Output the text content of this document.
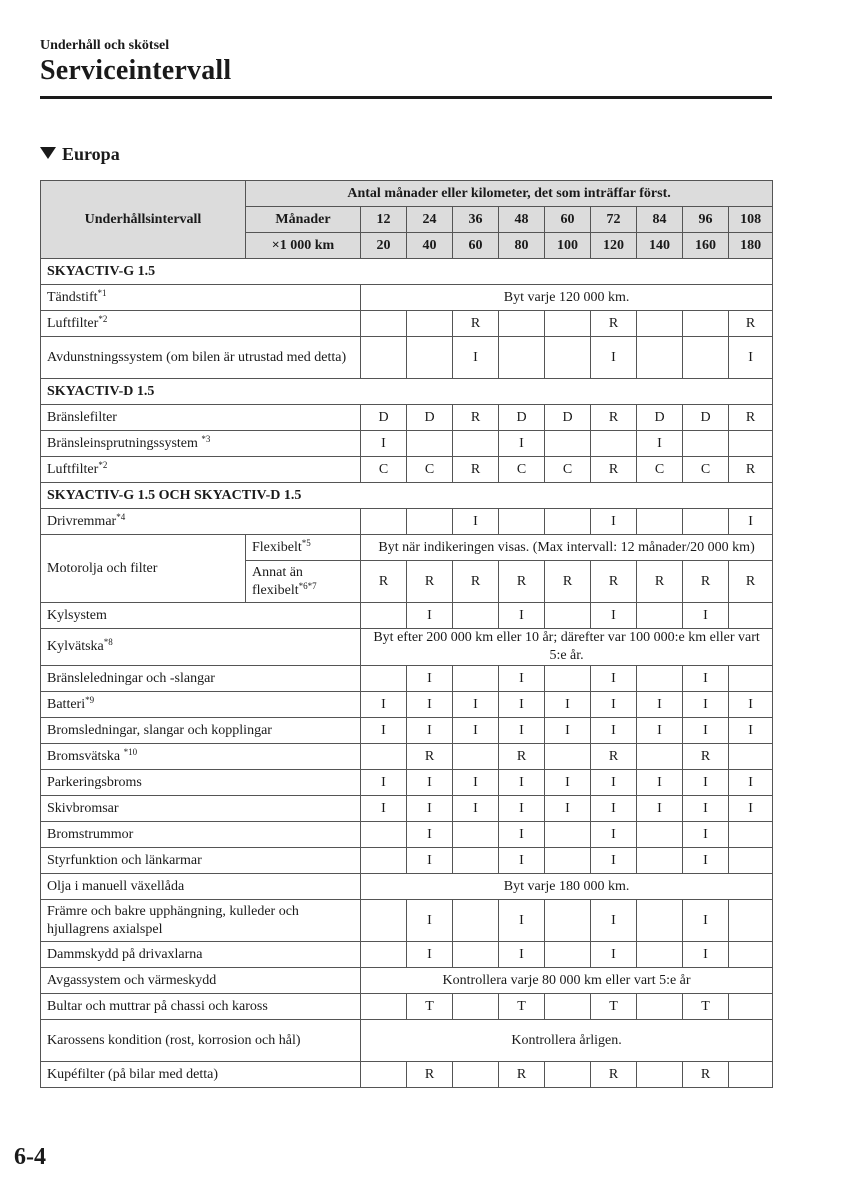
Underhåll och skötsel
Serviceintervall
Europa
Underhållsintervall	Antal månader eller kilometer, det som inträffar först.									
	Månader	12	24	36	48	60	72	84	96	108
	×1 000 km	20	40	60	80	100	120	140	160	180
SKYACTIV-G 1.5										
Tändstift$^{*1}$		Byt varje 120 000 km.								
Luftfilter$^{*2}$				R			R			R
Avdunstningssystem (om bilen är utrustad med detta)				I			I			I
SKYACTIV-D 1.5										
Bränslefilter		D	D	R	D	D	R	D	D	R
Bränsleinsprutningssystem $^{*3}$		I			I			I		
Luftfilter$^{*2}$		C	C	R	C	C	R	C	C	R
SKYACTIV-G 1.5 OCH SKYACTIV-D 1.5										
Drivremmar$^{*4}$				I			I			I
Motorolja och filter	Flexibelt$^{*5}$	Byt när indikeringen visas. (Max intervall: 12 månader/20 000 km)								
	Annat än flexibelt$^{*6*7}$	R	R	R	R	R	R	R	R	R
Kylsystem			I		I		I		I	
Kylvätska$^{*8}$		Byt efter 200 000 km eller 10 år; därefter var 100 000:e km eller vart 5:e år.								
Bränsleledningar och -slangar			I		I		I		I	
Batteri$^{*9}$		I	I	I	I	I	I	I	I	I
Bromsledningar, slangar och kopplingar		I	I	I	I	I	I	I	I	I
Bromsvätska $^{*10}$			R		R		R		R	
Parkeringsbroms		I	I	I	I	I	I	I	I	I
Skivbromsar		I	I	I	I	I	I	I	I	I
Bromstrummor			I		I		I		I	
Styrfunktion och länkarmar			I		I		I		I	
Olja i manuell växellåda		Byt varje 180 000 km.								
Främre och bakre upphängning, kulleder och hjullagrens axialspel			I		I		I		I	
Dammskydd på drivaxlarna			I		I		I		I	
Avgassystem och värmeskydd		Kontrollera varje 80 000 km eller vart 5:e år								
Bultar och muttrar på chassi och kaross			T		T		T		T	
Karossens kondition (rost, korrosion och hål)		Kontrollera årligen.								
Kupéfilter (på bilar med detta)			R		R		R		R	
6-4
